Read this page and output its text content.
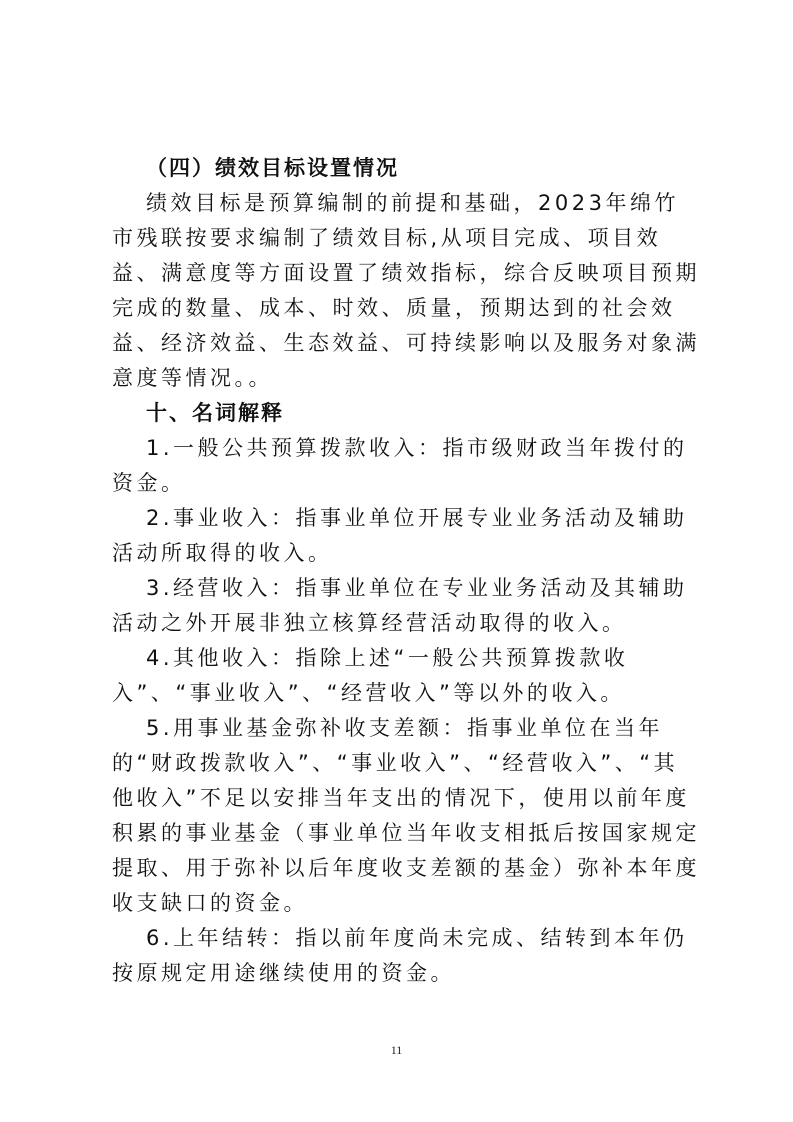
（四）绩效目标设置情况

绩效目标是预算编制的前提和基础，2023年绵竹市残联按要求编制了绩效目标,从项目完成、项目效益、满意度等方面设置了绩效指标，综合反映项目预期完成的数量、成本、时效、质量，预期达到的社会效益、经济效益、生态效益、可持续影响以及服务对象满意度等情况。。

十、名词解释

1.一般公共预算拨款收入：指市级财政当年拨付的资金。

2.事业收入：指事业单位开展专业业务活动及辅助活动所取得的收入。

3.经营收入：指事业单位在专业业务活动及其辅助活动之外开展非独立核算经营活动取得的收入。

4.其他收入：指除上述“一般公共预算拨款收入”、“事业收入”、“经营收入”等以外的收入。

5.用事业基金弥补收支差额：指事业单位在当年的“财政拨款收入”、“事业收入”、“经营收入”、“其他收入”不足以安排当年支出的情况下，使用以前年度积累的事业基金（事业单位当年收支相抵后按国家规定提取、用于弥补以后年度收支差额的基金）弥补本年度收支缺口的资金。

6.上年结转：指以前年度尚未完成、结转到本年仍按原规定用途继续使用的资金。

11
